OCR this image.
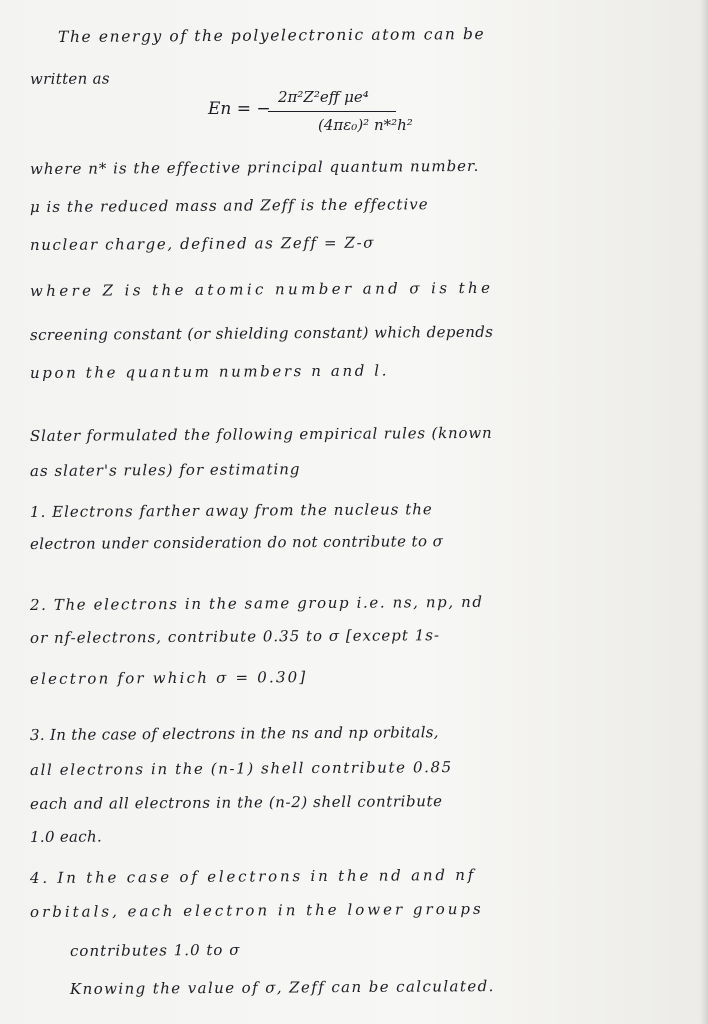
The energy of the polyelectronic atom can be
written as
En = −
2π²Z²eff μe⁴
(4πε₀)² n*²h²
where n* is the effective principal quantum number.
μ is the reduced mass and Zeff is the effective
nuclear charge, defined as Zeff = Z-σ
where Z is the atomic number and σ is the
screening constant (or shielding constant) which depends
upon the quantum numbers n and l.
Slater formulated the following empirical rules (known
as slater's rules) for estimating
1. Electrons farther away from the nucleus the
electron under consideration do not contribute to σ
2. The electrons in the same group i.e. ns, np, nd
or nf-electrons, contribute 0.35 to σ [except 1s-
electron for which σ = 0.30]
3. In the case of electrons in the ns and np orbitals,
all electrons in the (n-1) shell contribute 0.85
each and all electrons in the (n-2) shell contribute
1.0 each.
4. In the case of electrons in the nd and nf
orbitals, each electron in the lower groups
contributes 1.0 to σ
Knowing the value of σ, Zeff can be calculated.
